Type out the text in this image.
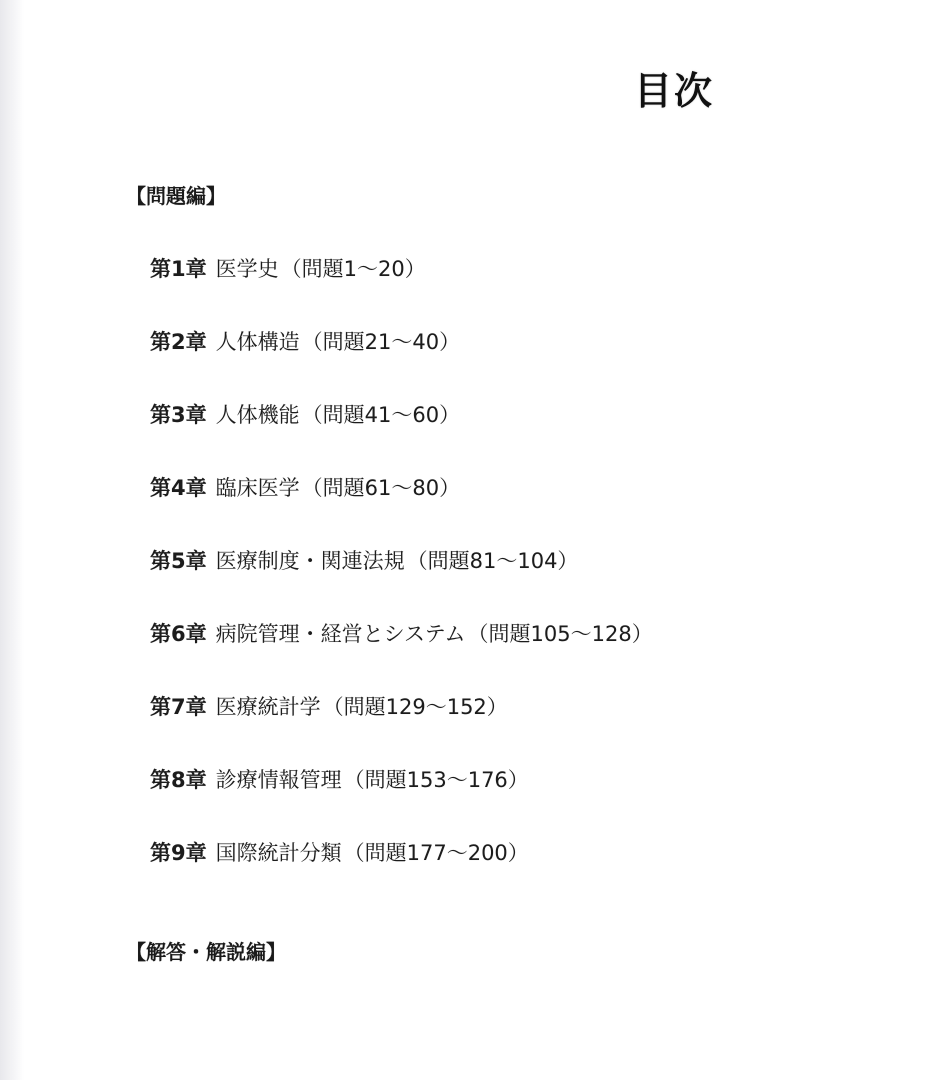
目次
【問題編】
第1章 医学史（問題1〜20）
第2章 人体構造（問題21〜40）
第3章 人体機能（問題41〜60）
第4章 臨床医学（問題61〜80）
第5章 医療制度・関連法規（問題81〜104）
第6章 病院管理・経営とシステム（問題105〜128）
第7章 医療統計学（問題129〜152）
第8章 診療情報管理（問題153〜176）
第9章 国際統計分類（問題177〜200）
【解答・解説編】
